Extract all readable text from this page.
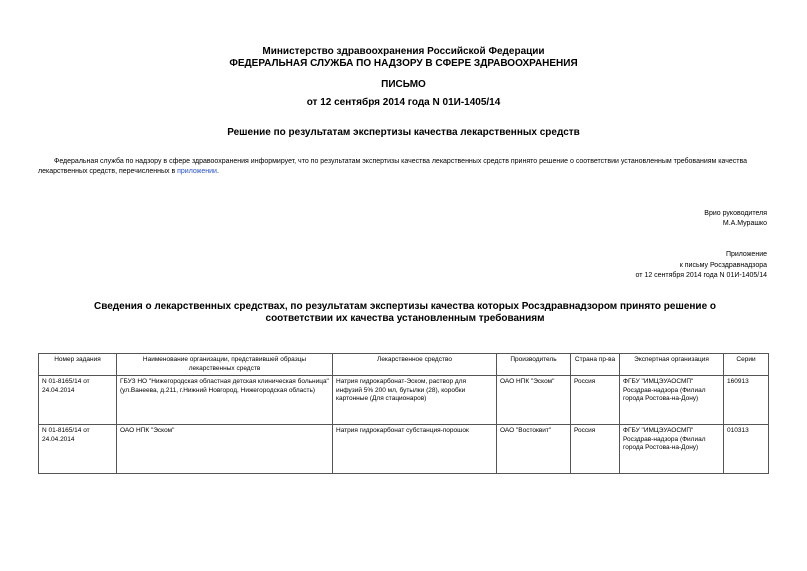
Министерство здравоохранения Российской Федерации
ФЕДЕРАЛЬНАЯ СЛУЖБА ПО НАДЗОРУ В СФЕРЕ ЗДРАВООХРАНЕНИЯ
ПИСЬМО
от 12 сентября 2014 года N 01И-1405/14
Решение по результатам экспертизы качества лекарственных средств
Федеральная служба по надзору в сфере здравоохранения информирует, что по результатам экспертизы качества лекарственных средств принято решение о соответствии установленным требованиям качества лекарственных средств, перечисленных в приложении.
Врио руководителя
М.А.Мурашко
Приложение
к письму Росздравнадзора
от 12 сентября 2014 года N 01И-1405/14
Сведения о лекарственных средствах, по результатам экспертизы качества которых Росздравнадзором принято решение о соответствии их качества установленным требованиям
Номер задания	Наименование организации, представившей образцы лекарственных средств	Лекарственное средство	Производитель	Страна пр-ва	Экспертная организация	Серии
N 01-8165/14 от 24.04.2014	ГБУЗ НО "Нижегородская областная детская клиническая больница" (ул.Ванеева, д.211, г.Нижний Новгород, Нижегородская область)	Натрия гидрокарбонат-Эском, раствор для инфузий 5% 200 мл, бутылки (28), коробки картонные (Для стационаров)	ОАО НПК "Эском"	Россия	ФГБУ "ИМЦЭУАОСМП" Росздрав-надзора (Филиал города Ростова-на-Дону)	160913
N 01-8165/14 от 24.04.2014	ОАО НПК "Эском"	Натрия гидрокарбонат субстанция-порошок	ОАО "Востоквит"	Россия	ФГБУ "ИМЦЭУАОСМП" Росздрав-надзора (Филиал города Ростова-на-Дону)	010313
